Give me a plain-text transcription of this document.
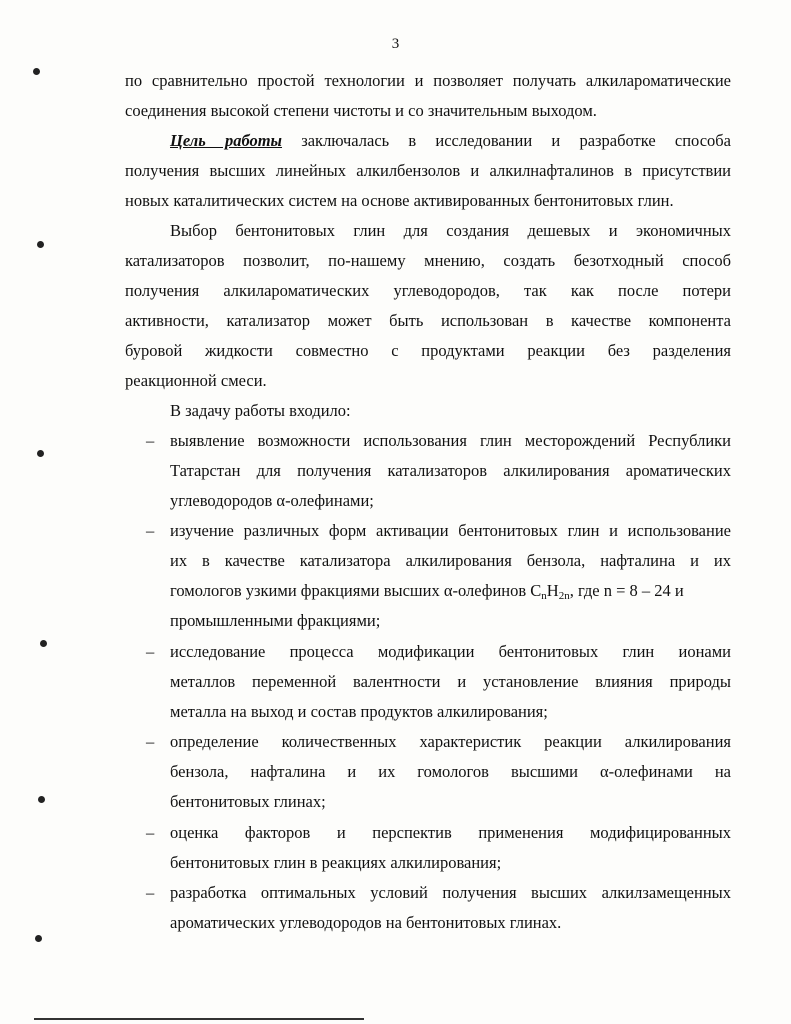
3
по сравнительно простой технологии и позволяет получать алкилароматические
соединения высокой степени чистоты и со значительным выходом.
Цель работы заключалась в исследовании и разработке способа
получения высших линейных алкилбензолов и алкилнафталинов в присутствии
новых каталитических систем на основе активированных бентонитовых глин.
Выбор бентонитовых глин для создания дешевых и экономичных
катализаторов позволит, по-нашему мнению, создать безотходный способ
получения алкилароматических углеводородов, так как после потери
активности, катализатор может быть использован в качестве компонента
буровой жидкости совместно с продуктами реакции без разделения
реакционной смеси.
В задачу работы входило:
– выявление возможности использования глин месторождений Республики
Татарстан для получения катализаторов алкилирования ароматических
углеводородов α-олефинами;
– изучение различных форм активации бентонитовых глин и использование
их в качестве катализатора алкилирования бензола, нафталина и их
гомологов узкими фракциями высших α-олефинов $C_nH_{2n}$, где n = 8 – 24 и
промышленными фракциями;
– исследование процесса модификации бентонитовых глин ионами
металлов переменной валентности и установление влияния природы
металла на выход и состав продуктов алкилирования;
– определение количественных характеристик реакции алкилирования
бензола, нафталина и их гомологов высшими α-олефинами на
бентонитовых глинах;
– оценка факторов и перспектив применения модифицированных
бентонитовых глин в реакциях алкилирования;
– разработка оптимальных условий получения высших алкилзамещенных
ароматических углеводородов на бентонитовых глинах.
